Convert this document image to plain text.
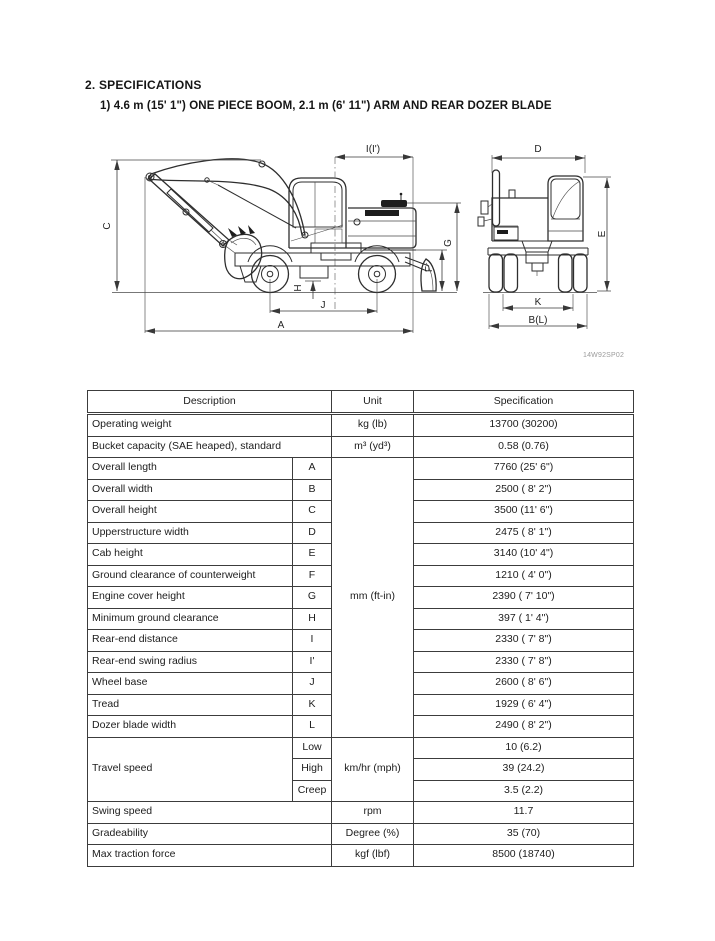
2. SPECIFICATIONS
1) 4.6 m (15' 1") ONE PIECE BOOM, 2.1 m (6' 11") ARM AND REAR DOZER BLADE
C
I(I')
A
J
H
F
G
D
E
K
B(L)
14W92SP02
Description		Unit	Specification
Operating weight		kg (lb)	13700 (30200)
Bucket capacity (SAE heaped), standard		m³ (yd³)	0.58 (0.76)
Overall length	A	mm (ft-in)	7760 (25' 6")
Overall width	B		2500 ( 8' 2")
Overall height	C		3500 (11' 6")
Upperstructure width	D		2475 ( 8' 1")
Cab height	E		3140 (10' 4")
Ground clearance of counterweight	F		1210 ( 4' 0")
Engine cover height	G		2390 ( 7' 10")
Minimum ground clearance	H		397 ( 1' 4")
Rear-end distance	I		2330 ( 7' 8")
Rear-end swing radius	I'		2330 ( 7' 8")
Wheel base	J		2600 ( 8' 6")
Tread	K		1929 ( 6' 4")
Dozer blade width	L		2490 ( 8' 2")
Travel speed	Low	km/hr (mph)	10 (6.2)
	High		39 (24.2)
	Creep		3.5 (2.2)
Swing speed		rpm	11.7
Gradeability		Degree (%)	35 (70)
Max traction force		kgf (lbf)	8500 (18740)
